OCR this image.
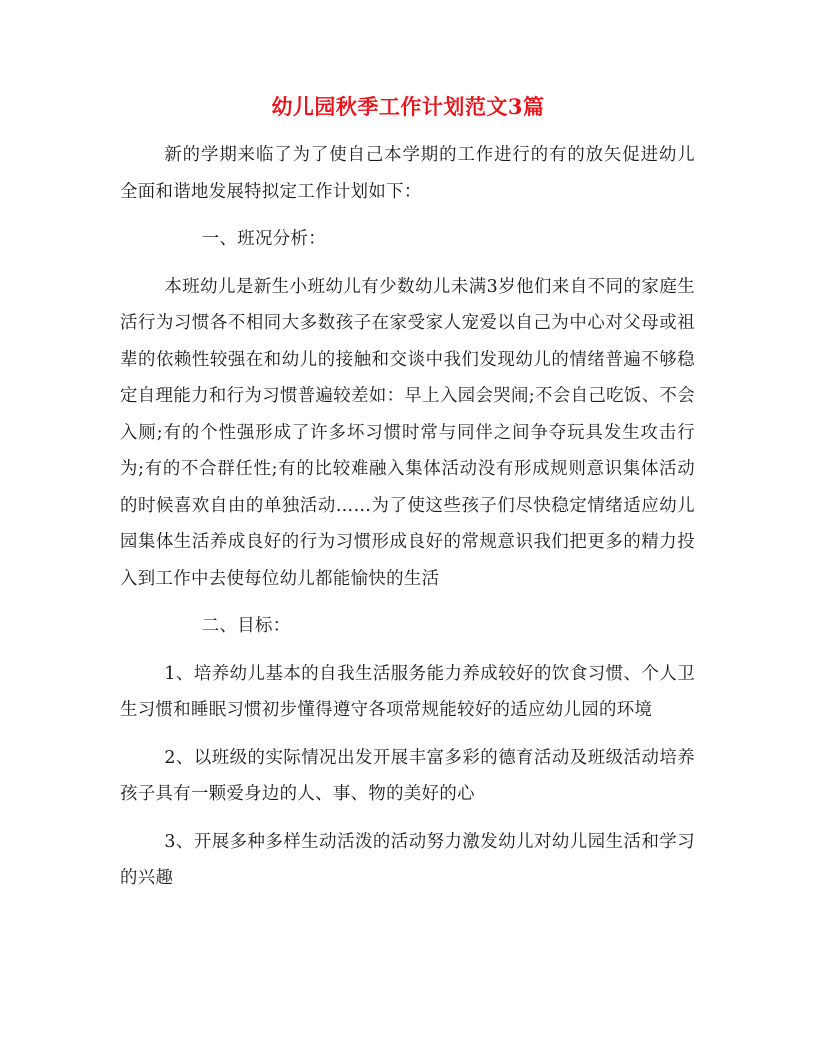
幼儿园秋季工作计划范文3篇

新的学期来临了为了使自己本学期的工作进行的有的放矢促进幼儿全面和谐地发展特拟定工作计划如下：

一、班况分析：

本班幼儿是新生小班幼儿有少数幼儿未满3岁他们来自不同的家庭生活行为习惯各不相同大多数孩子在家受家人宠爱以自己为中心对父母或祖辈的依赖性较强在和幼儿的接触和交谈中我们发现幼儿的情绪普遍不够稳定自理能力和行为习惯普遍较差如：早上入园会哭闹;不会自己吃饭、不会入厕;有的个性强形成了许多坏习惯时常与同伴之间争夺玩具发生攻击行为;有的不合群任性;有的比较难融入集体活动没有形成规则意识集体活动的时候喜欢自由的单独活动……为了使这些孩子们尽快稳定情绪适应幼儿园集体生活养成良好的行为习惯形成良好的常规意识我们把更多的精力投入到工作中去使每位幼儿都能愉快的生活

二、目标：

1、培养幼儿基本的自我生活服务能力养成较好的饮食习惯、个人卫生习惯和睡眠习惯初步懂得遵守各项常规能较好的适应幼儿园的环境

2、以班级的实际情况出发开展丰富多彩的德育活动及班级活动培养孩子具有一颗爱身边的人、事、物的美好的心

3、开展多种多样生动活泼的活动努力激发幼儿对幼儿园生活和学习的兴趣
